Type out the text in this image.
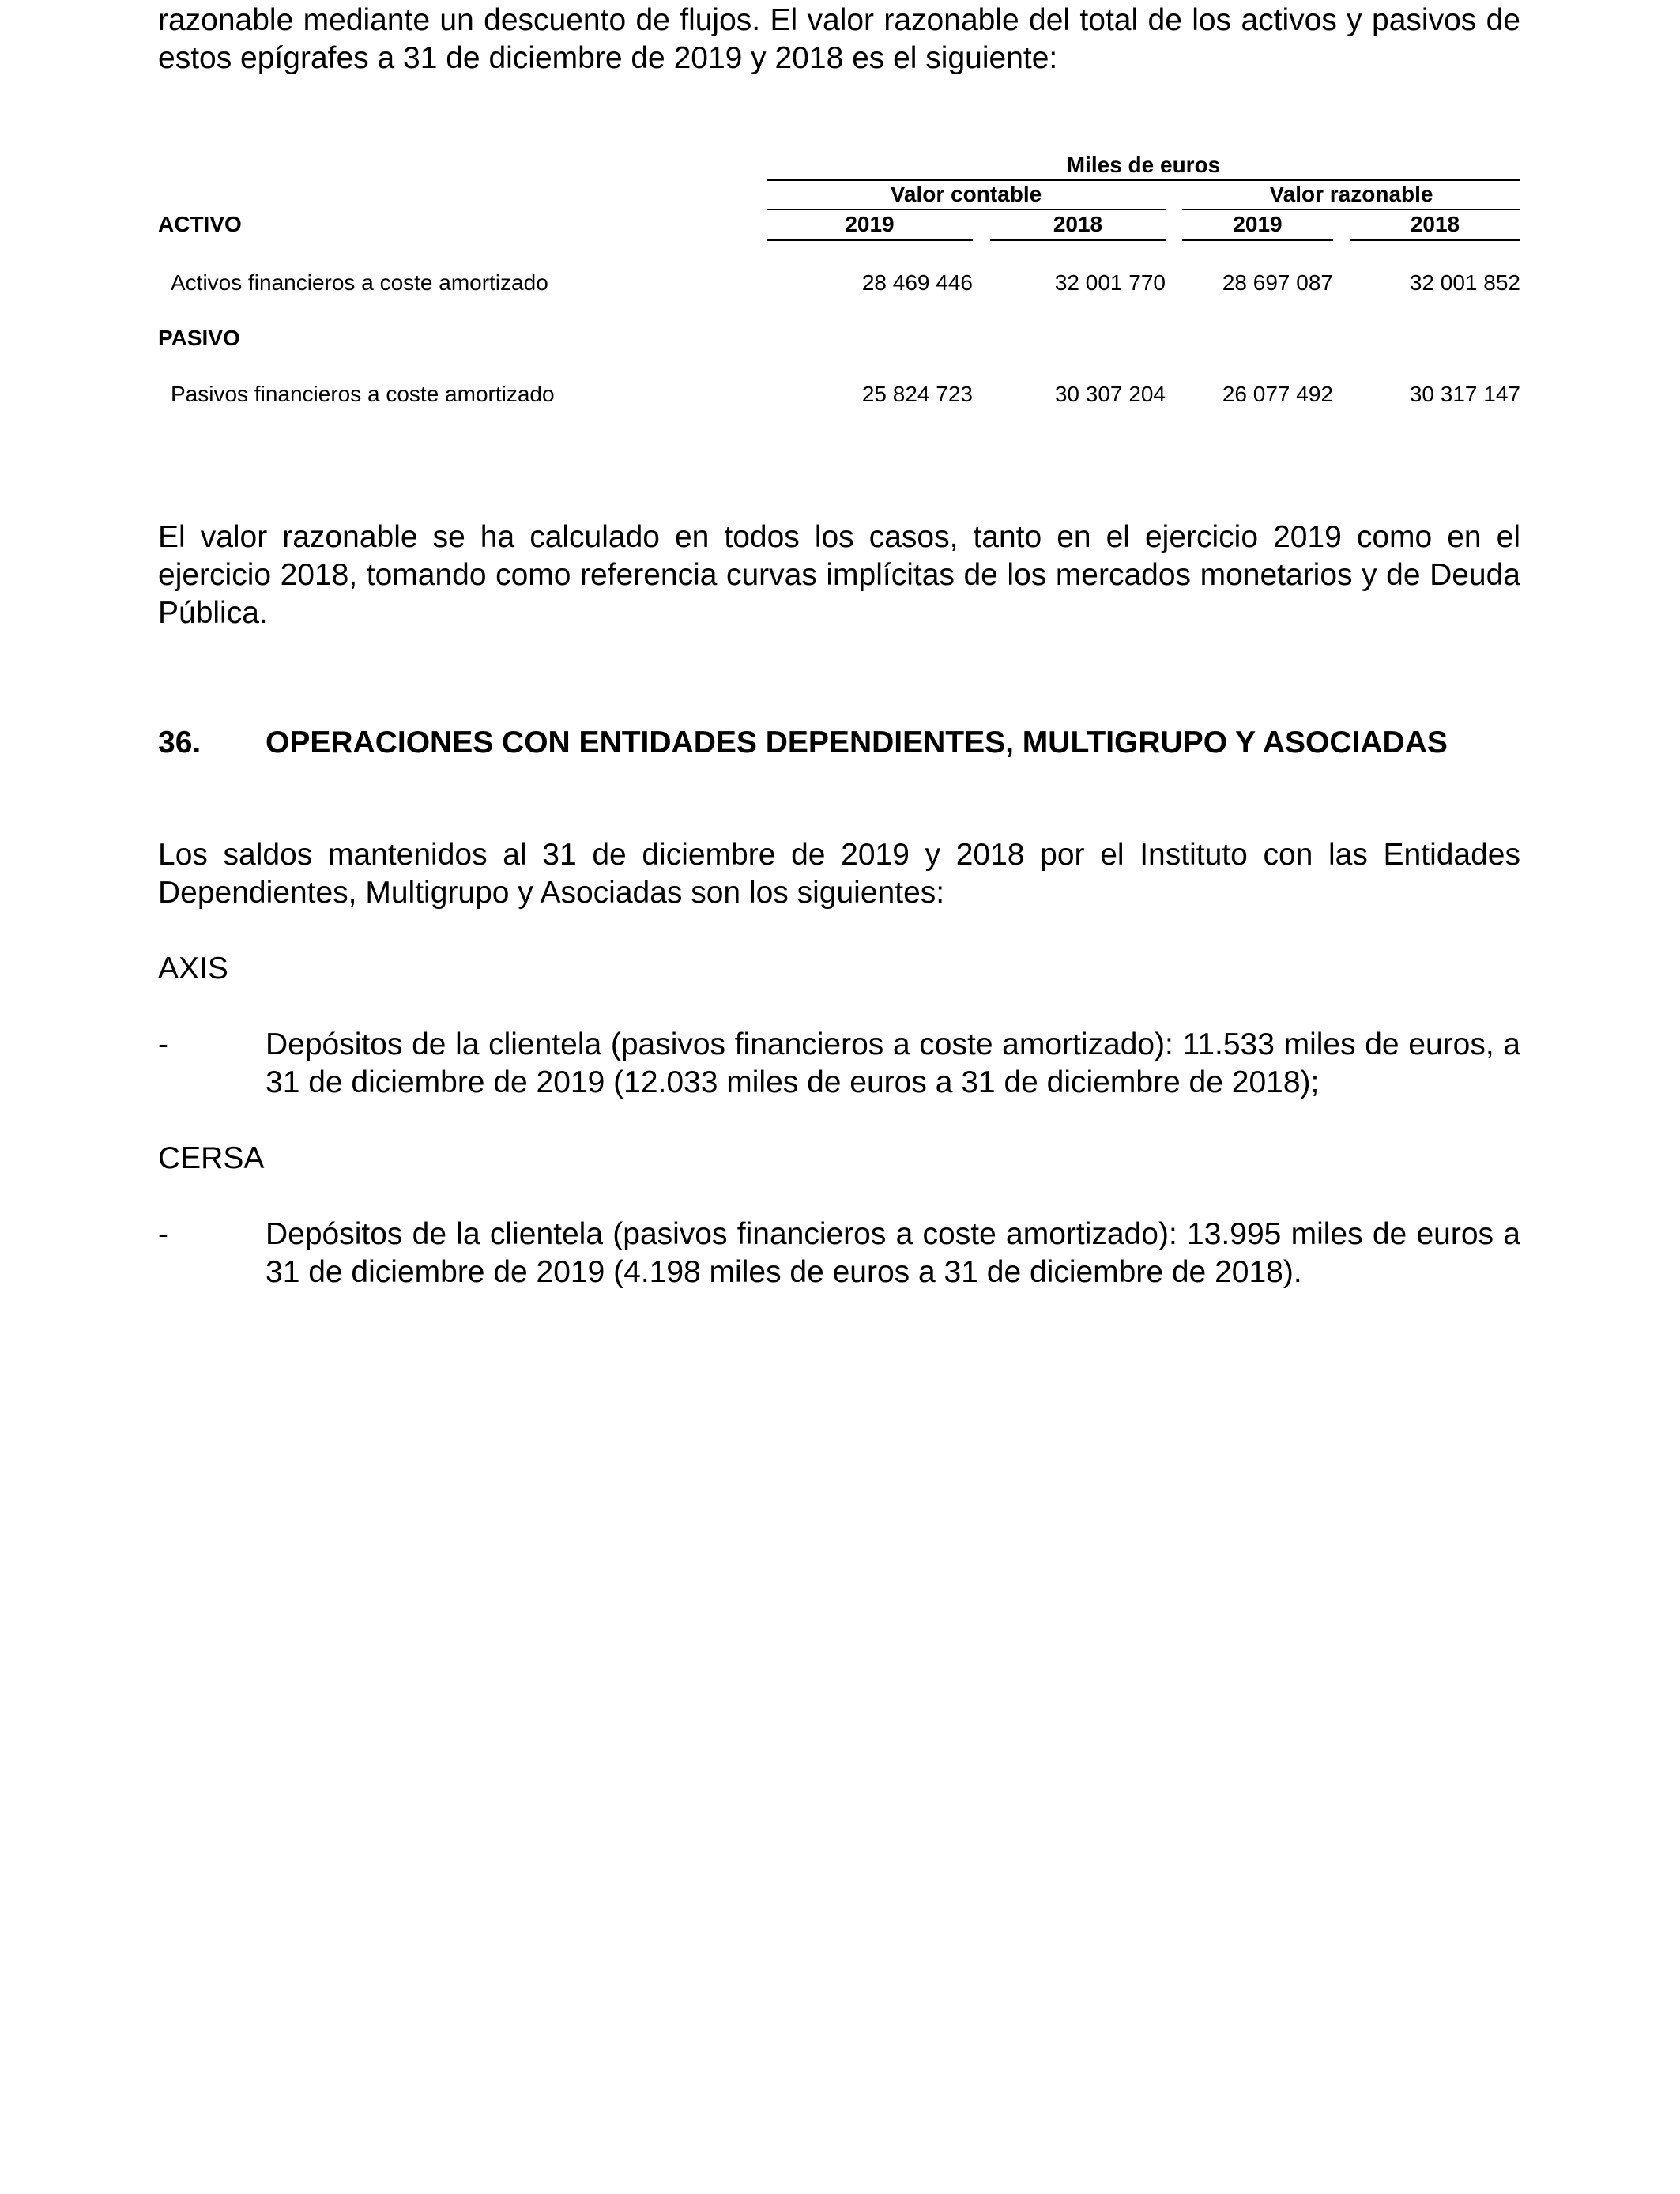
razonable mediante un descuento de flujos. El valor razonable del total de los activos y pasivos de estos epígrafes a 31 de diciembre de 2019 y 2018 es el siguiente:

Miles de euros
Valor contable	Valor razonable
ACTIVO	2019	2018	2019	2018
Activos financieros a coste amortizado	28 469 446	32 001 770	28 697 087	32 001 852
PASIVO
Pasivos financieros a coste amortizado	25 824 723	30 307 204	26 077 492	30 317 147

El valor razonable se ha calculado en todos los casos, tanto en el ejercicio 2019 como en el ejercicio 2018, tomando como referencia curvas implícitas de los mercados monetarios y de Deuda Pública.

36. OPERACIONES CON ENTIDADES DEPENDIENTES, MULTIGRUPO Y ASOCIADAS

Los saldos mantenidos al 31 de diciembre de 2019 y 2018 por el Instituto con las Entidades Dependientes, Multigrupo y Asociadas son los siguientes:

AXIS
-	Depósitos de la clientela (pasivos financieros a coste amortizado): 11.533 miles de euros, a 31 de diciembre de 2019 (12.033 miles de euros a 31 de diciembre de 2018);

CERSA
-	Depósitos de la clientela (pasivos financieros a coste amortizado): 13.995 miles de euros a 31 de diciembre de 2019 (4.198 miles de euros a 31 de diciembre de 2018).
